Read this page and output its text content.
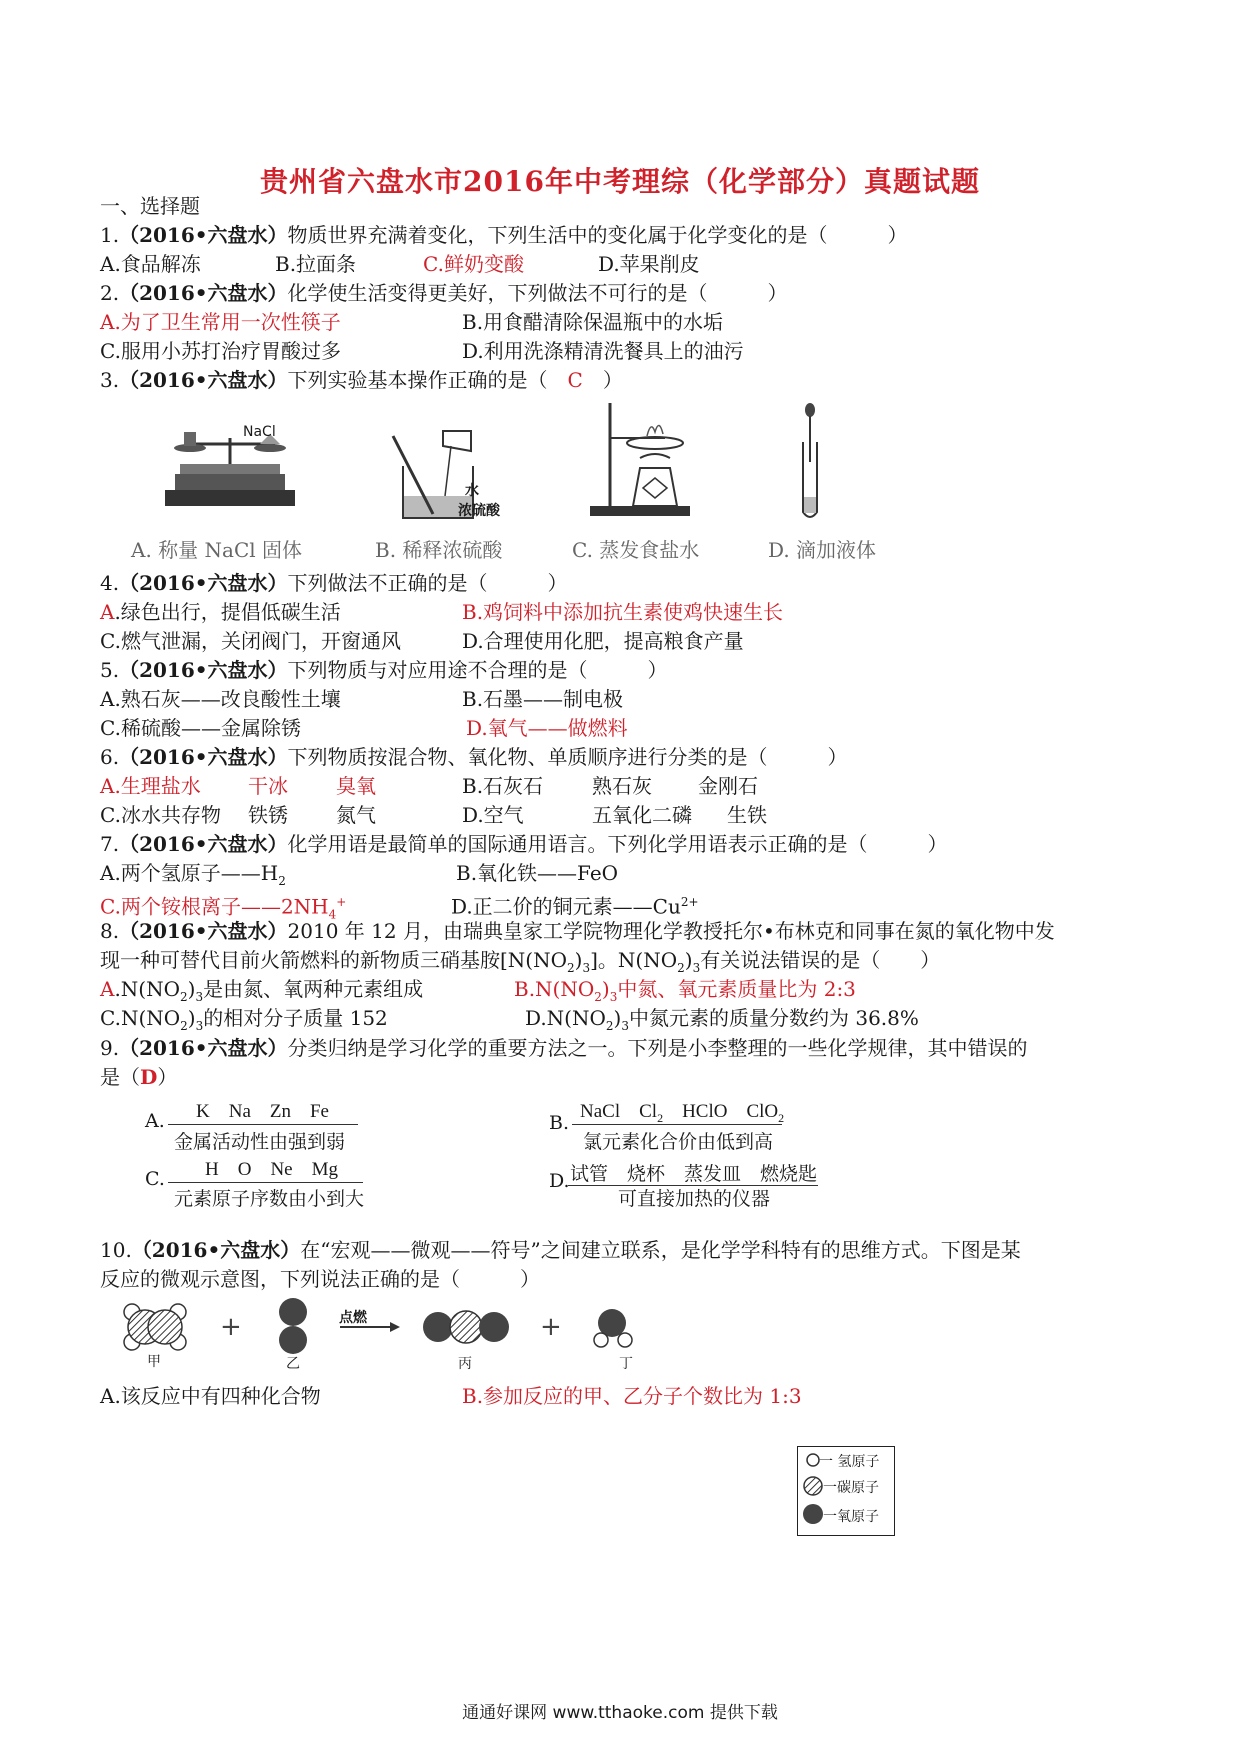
贵州省六盘水市2016年中考理综（化学部分）真题试题
一、选择题
1.（2016•六盘水）物质世界充满着变化，下列生活中的变化属于化学变化的是（　　　）
A.食品解冻	B.拉面条	C.鲜奶变酸	D.苹果削皮
2.（2016•六盘水）化学使生活变得更美好，下列做法不可行的是（　　　）
A.为了卫生常用一次性筷子	B.用食醋清除保温瓶中的水垢
C.服用小苏打治疗胃酸过多	D.利用洗涤精清洗餐具上的油污
3.（2016•六盘水）下列实验基本操作正确的是（　C　）
NaCl
水
浓硫酸
A. 称量 NaCl 固体	B. 稀释浓硫酸	C. 蒸发食盐水	D. 滴加液体
4.（2016•六盘水）下列做法不正确的是（　　　）
A.绿色出行，提倡低碳生活	B.鸡饲料中添加抗生素使鸡快速生长
C.燃气泄漏，关闭阀门，开窗通风	D.合理使用化肥，提高粮食产量
5.（2016•六盘水）下列物质与对应用途不合理的是（　　　）
A.熟石灰——改良酸性土壤	B.石墨——制电极
C.稀硫酸——金属除锈	D.氧气——做燃料
6.（2016•六盘水）下列物质按混合物、氧化物、单质顺序进行分类的是（　　　）
A.生理盐水 干冰 臭氧	B.石灰石 熟石灰 金刚石
C.冰水共存物 铁锈 氮气	D.空气	五氧化二磷 生铁
7.（2016•六盘水）化学用语是最简单的国际通用语言。下列化学用语表示正确的是（　　　）
A.两个氢原子$——H_2$	B.氧化铁——FeO
C.两个铵根离子$——2NH_4^+$	D.正二价的铜元素$——Cu^{2+}$
8.（2016•六盘水）2010 年 12 月，由瑞典皇家工学院物理化学教授托尔•布林克和同事在氮的氧化物中发
现一种可替代目前火箭燃料的新物质三硝基胺$[N(NO_2)_3]$。$N(NO_2)_3$有关说法错误的是（　　）
$A.N(NO_2)_3$是由氮、氧两种元素组成	$B.N(NO_2)_3$中氮、氧元素质量比为 2:3
$C.N(NO_2)_3$的相对分子质量 152	$D.N(NO_2)_3$中氮元素的质量分数约为 36.8%
9.（2016•六盘水）分类归纳是学习化学的重要方法之一。下列是小李整理的一些化学规律，其中错误的
是（D）
A. K　Na　Zn　Fe
金属活动性由强到弱
B.
NaCl　$Cl_2$　HClO　ClO$_2$
氯元素化合价由低到高
C. H　O　Ne　Mg
元素原子序数由小到大
D. 试管　烧杯　蒸发皿　燃烧匙
可直接加热的仪器
10.（2016•六盘水）在“宏观——微观——符号”之间建立联系，是化学学科特有的思维方式。下图是某
反应的微观示意图，下列说法正确的是（　　　）
+	+
点燃
甲	乙	丙	丁
一 氢原子
一碳原子
一氧原子
A.该反应中有四种化合物	B.参加反应的甲、乙分子个数比为 1:3
通通好课网 www.tthaoke.com 提供下载
